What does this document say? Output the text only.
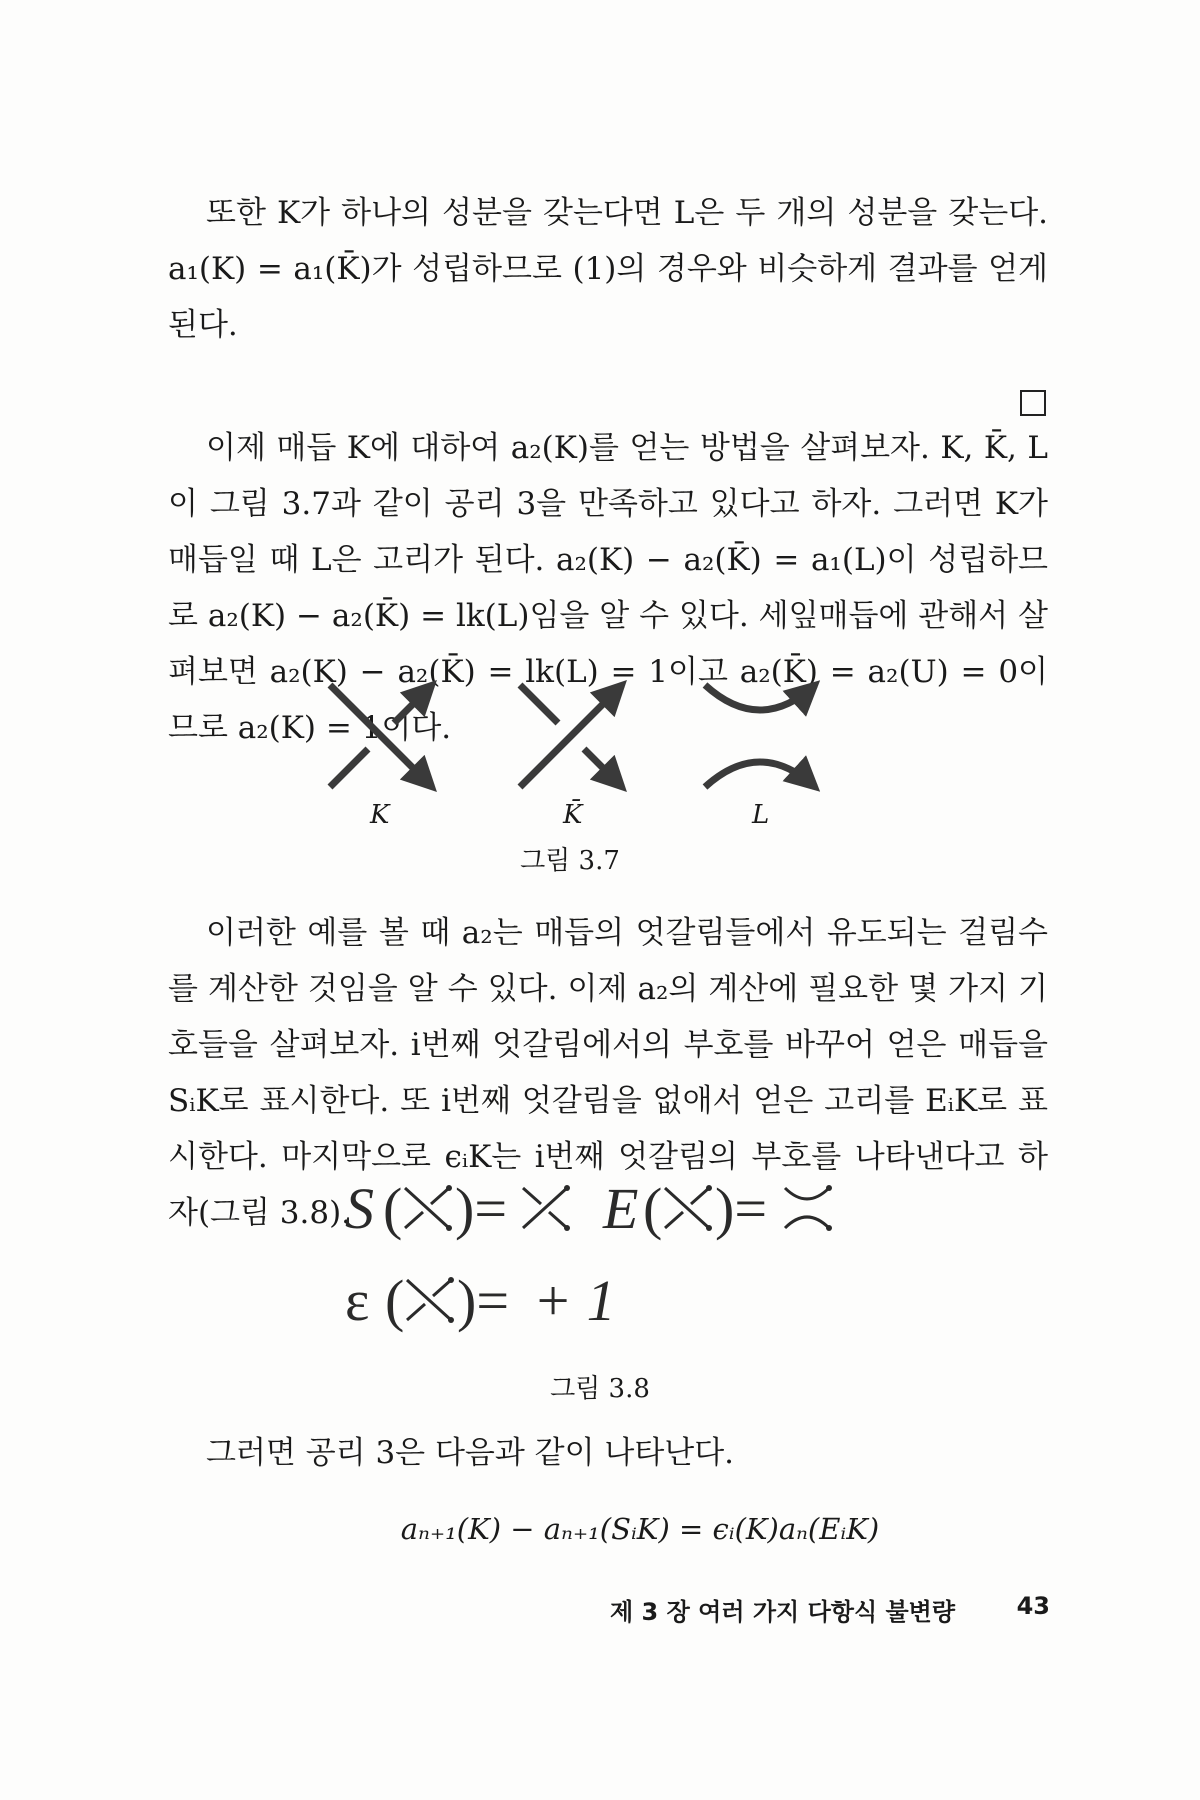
또한 K가 하나의 성분을 갖는다면 L은 두 개의 성분을 갖는다. a₁(K) = a₁(K̄)가 성립하므로 (1)의 경우와 비슷하게 결과를 얻게 된다.

이제 매듭 K에 대하여 a₂(K)를 얻는 방법을 살펴보자. K, K̄, L이 그림 3.7과 같이 공리 3을 만족하고 있다고 하자. 그러면 K가 매듭일 때 L은 고리가 된다. a₂(K) − a₂(K̄) = a₁(L)이 성립하므로 a₂(K) − a₂(K̄) = lk(L)임을 알 수 있다. 세잎매듭에 관해서 살펴보면 a₂(K) − a₂(K̄) = lk(L) = 1이고 a₂(K̄) = a₂(U) = 0이므로 a₂(K) = 1이다.

K	K̄	L
그림 3.7

이러한 예를 볼 때 a₂는 매듭의 엇갈림들에서 유도되는 걸림수를 계산한 것임을 알 수 있다. 이제 a₂의 계산에 필요한 몇 가지 기호들을 살펴보자. i번째 엇갈림에서의 부호를 바꾸어 얻은 매듭을 SᵢK로 표시한다. 또 i번째 엇갈림을 없애서 얻은 고리를 EᵢK로 표시한다. 마지막으로 ϵᵢK는 i번째 엇갈림의 부호를 나타낸다고 하자(그림 3.8).

S	E
ε
( )= ( )=
( )= + 1
그림 3.8

그러면 공리 3은 다음과 같이 나타난다.

aₙ₊₁(K) − aₙ₊₁(SᵢK) = ϵᵢ(K)aₙ(EᵢK)
제 3 장 여러 가지 다항식 불변량	43
